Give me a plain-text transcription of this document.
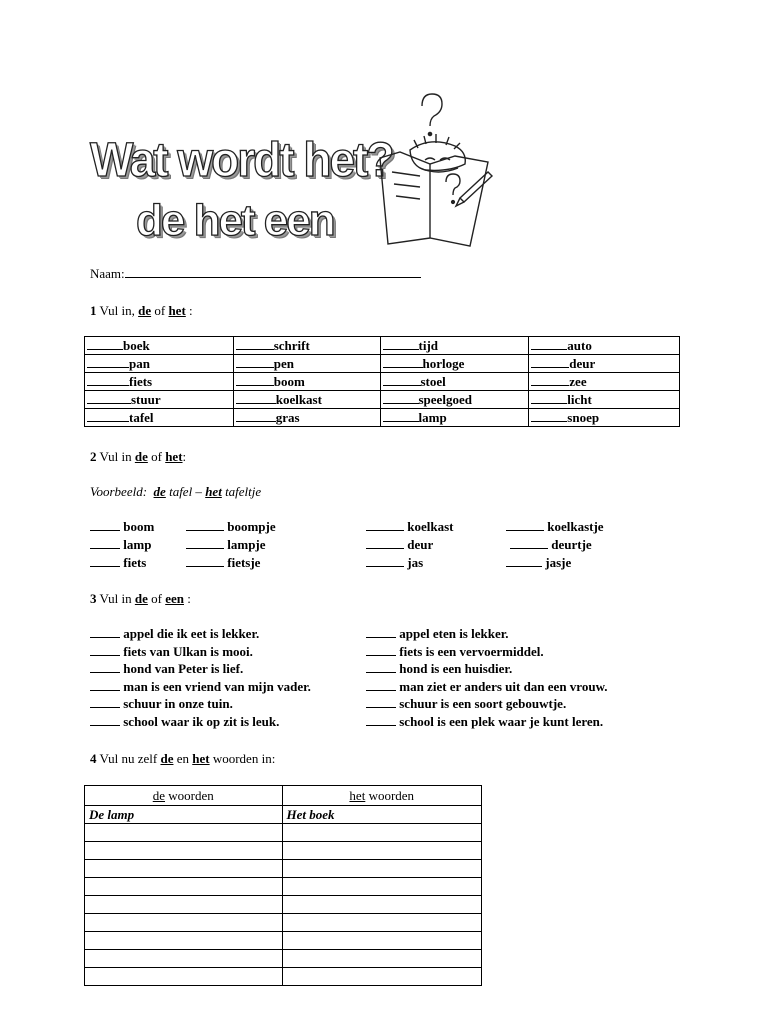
Wat wordt het?
de het een
Naam:
1 Vul in, de of het :
boek	schrift	tijd	auto
pan	pen	horloge	deur
fiets	boom	stoel	zee
stuur	koelkast	speelgoed	licht
tafel	gras	lamp	snoep
2 Vul in de of het:
Voorbeeld: de tafel – het tafeltje
boom	boompje	koelkast	koelkastje
lamp	lampje	deur	deurtje
fiets	fietsje	jas	jasje
3 Vul in de of een :
appel die ik eet is lekker.
fiets van Ulkan is mooi.
hond van Peter is lief.
man is een vriend van mijn vader.
schuur in onze tuin.
school waar ik op zit is leuk.
appel eten is lekker.
fiets is een vervoermiddel.
hond is een huisdier.
man ziet er anders uit dan een vrouw.
schuur is een soort gebouwtje.
school is een plek waar je kunt leren.
4 Vul nu zelf de en het woorden in:
de woorden	het woorden
De lamp	Het boek
